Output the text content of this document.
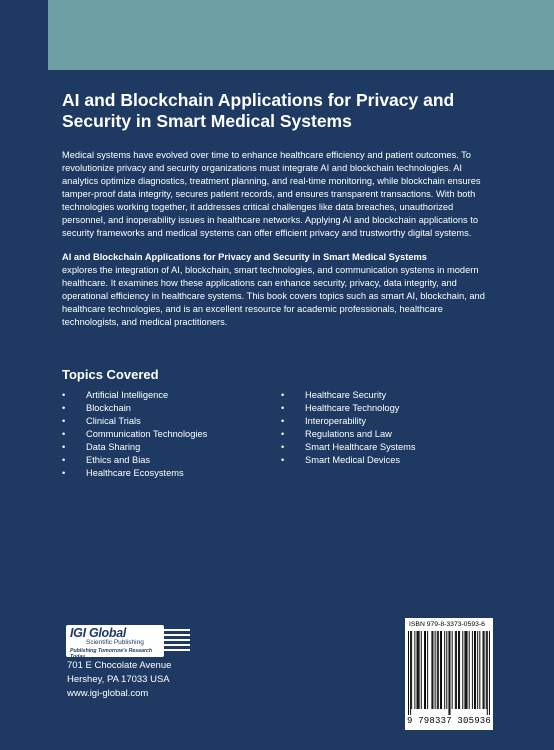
AI and Blockchain Applications for Privacy and Security in Smart Medical Systems

Medical systems have evolved over time to enhance healthcare efficiency and patient outcomes. To revolutionize privacy and security organizations must integrate AI and blockchain technologies. AI analytics optimize diagnostics, treatment planning, and real-time monitoring, while blockchain ensures tamper-proof data integrity, secures patient records, and ensures transparent transactions. With both technologies working together, it addresses critical challenges like data breaches, unauthorized personnel, and inoperability issues in healthcare networks. Applying AI and blockchain applications to security frameworks and medical systems can offer efficient privacy and trustworthy digital systems.

AI and Blockchain Applications for Privacy and Security in Smart Medical Systems
explores the integration of AI, blockchain, smart technologies, and communication systems in modern healthcare. It examines how these applications can enhance security, privacy, data integrity, and operational efficiency in healthcare systems. This book covers topics such as smart AI, blockchain, and healthcare technologies, and is an excellent resource for academic professionals, healthcare technologists, and medical practitioners.

Topics Covered
• Artificial Intelligence
• Blockchain
• Clinical Trials
• Communication Technologies
• Data Sharing
• Ethics and Bias
• Healthcare Ecosystems
• Healthcare Security
• Healthcare Technology
• Interoperability
• Regulations and Law
• Smart Healthcare Systems
• Smart Medical Devices
IGI Global
Scientific Publishing
Publishing Tomorrow's Research Today
701 E Chocolate Avenue
Hershey, PA 17033 USA
www.igi-global.com
ISBN 979-8-3373-0593-6
9 798337 305936
